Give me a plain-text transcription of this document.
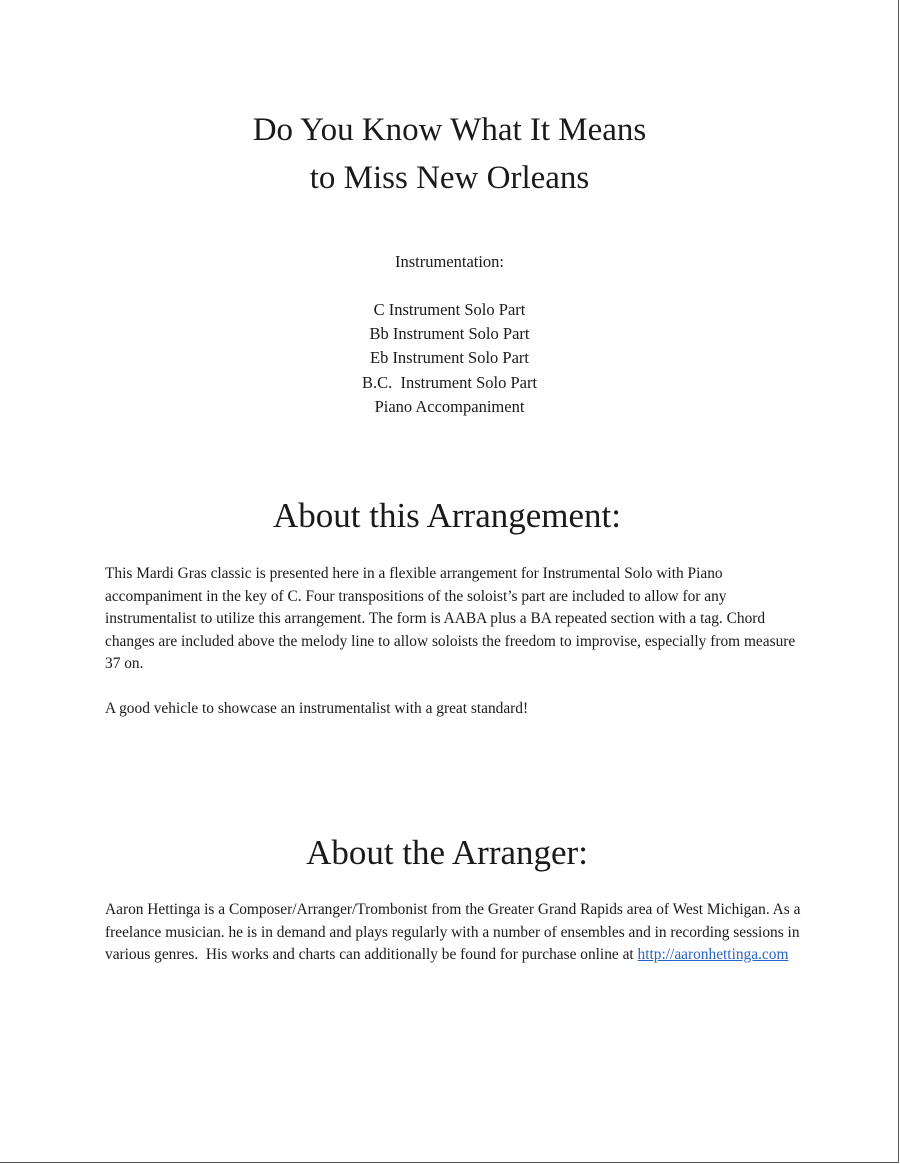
Do You Know What It Means
to Miss New Orleans

Instrumentation:

C Instrument Solo Part
Bb Instrument Solo Part
Eb Instrument Solo Part
B.C.  Instrument Solo Part
Piano Accompaniment
About this Arrangement:

This Mardi Gras classic is presented here in a flexible arrangement for Instrumental Solo with Piano accompaniment in the key of C. Four transpositions of the soloist’s part are included to allow for any instrumentalist to utilize this arrangement. The form is AABA plus a BA repeated section with a tag. Chord changes are included above the melody line to allow soloists the freedom to improvise, especially from measure 37 on.

A good vehicle to showcase an instrumentalist with a great standard!

About the Arranger:

Aaron Hettinga is a Composer/Arranger/Trombonist from the Greater Grand Rapids area of West Michigan. As a freelance musician. he is in demand and plays regularly with a number of ensembles and in recording sessions in various genres.  His works and charts can additionally be found for purchase online at http://aaronhettinga.com
